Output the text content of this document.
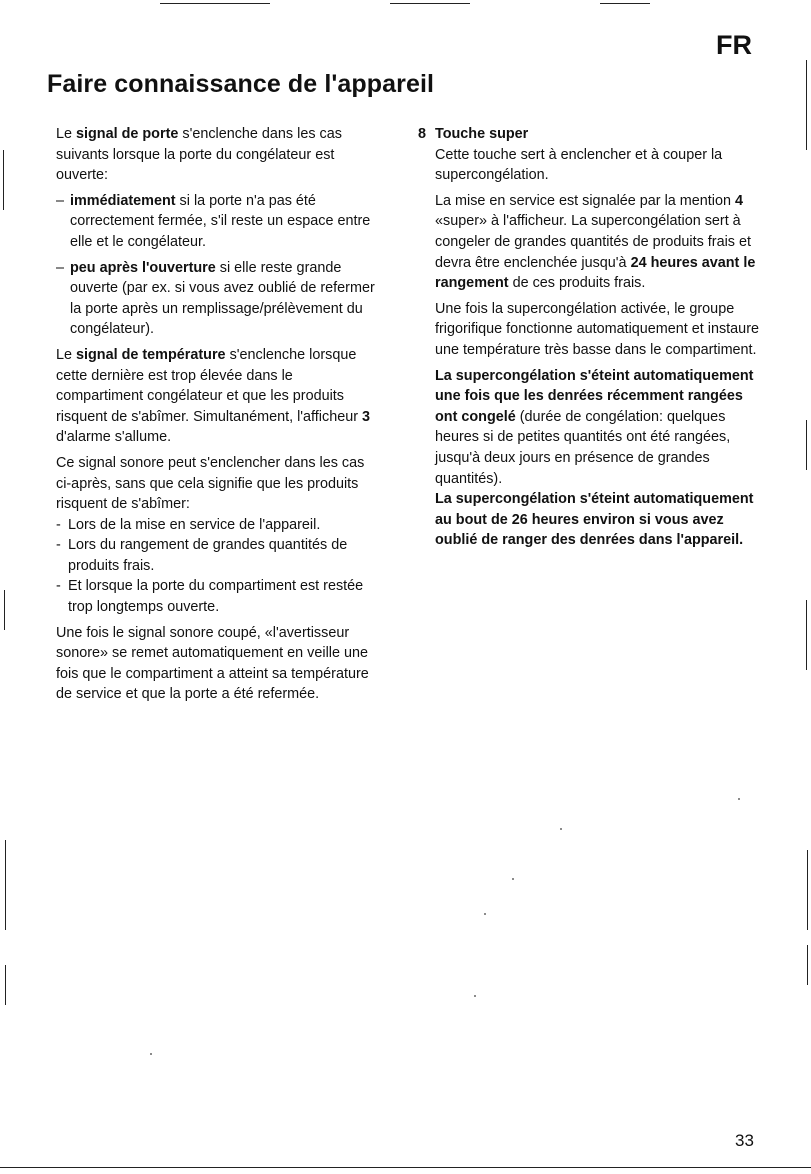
FR
Faire connaissance de l'appareil

Le signal de porte s'enclenche dans les cas suivants lorsque la porte du congélateur est ouverte:

– immédiatement si la porte n'a pas été correctement fermée, s'il reste un espace entre elle et le congélateur.
– peu après l'ouverture si elle reste grande ouverte (par ex. si vous avez oublié de refermer la porte après un remplissage/prélèvement du congélateur).

Le signal de température s'enclenche lorsque cette dernière est trop élevée dans le compartiment congélateur et que les produits risquent de s'abîmer. Simultanément, l'afficheur 3 d'alarme s'allume.

Ce signal sonore peut s'enclencher dans les cas ci-après, sans que cela signifie que les produits risquent de s'abîmer:

- Lors de la mise en service de l'appareil.
- Lors du rangement de grandes quantités de produits frais.
- Et lorsque la porte du compartiment est restée trop longtemps ouverte.

Une fois le signal sonore coupé, «l'avertisseur sonore» se remet automatiquement en veille une fois que le compartiment a atteint sa température de service et que la porte a été refermée.

8 Touche super

Cette touche sert à enclencher et à couper la supercongélation.

La mise en service est signalée par la mention 4 «super» à l'afficheur. La supercongélation sert à congeler de grandes quantités de produits frais et devra être enclenchée jusqu'à 24 heures avant le rangement de ces produits frais.

Une fois la supercongélation activée, le groupe frigorifique fonctionne automatiquement et instaure une température très basse dans le compartiment.

La supercongélation s'éteint automatiquement une fois que les denrées récemment rangées ont congelé (durée de congélation: quelques heures si de petites quantités ont été rangées, jusqu'à deux jours en présence de grandes quantités).

La supercongélation s'éteint automatiquement au bout de 26 heures environ si vous avez oublié de ranger des denrées dans l'appareil.

33
